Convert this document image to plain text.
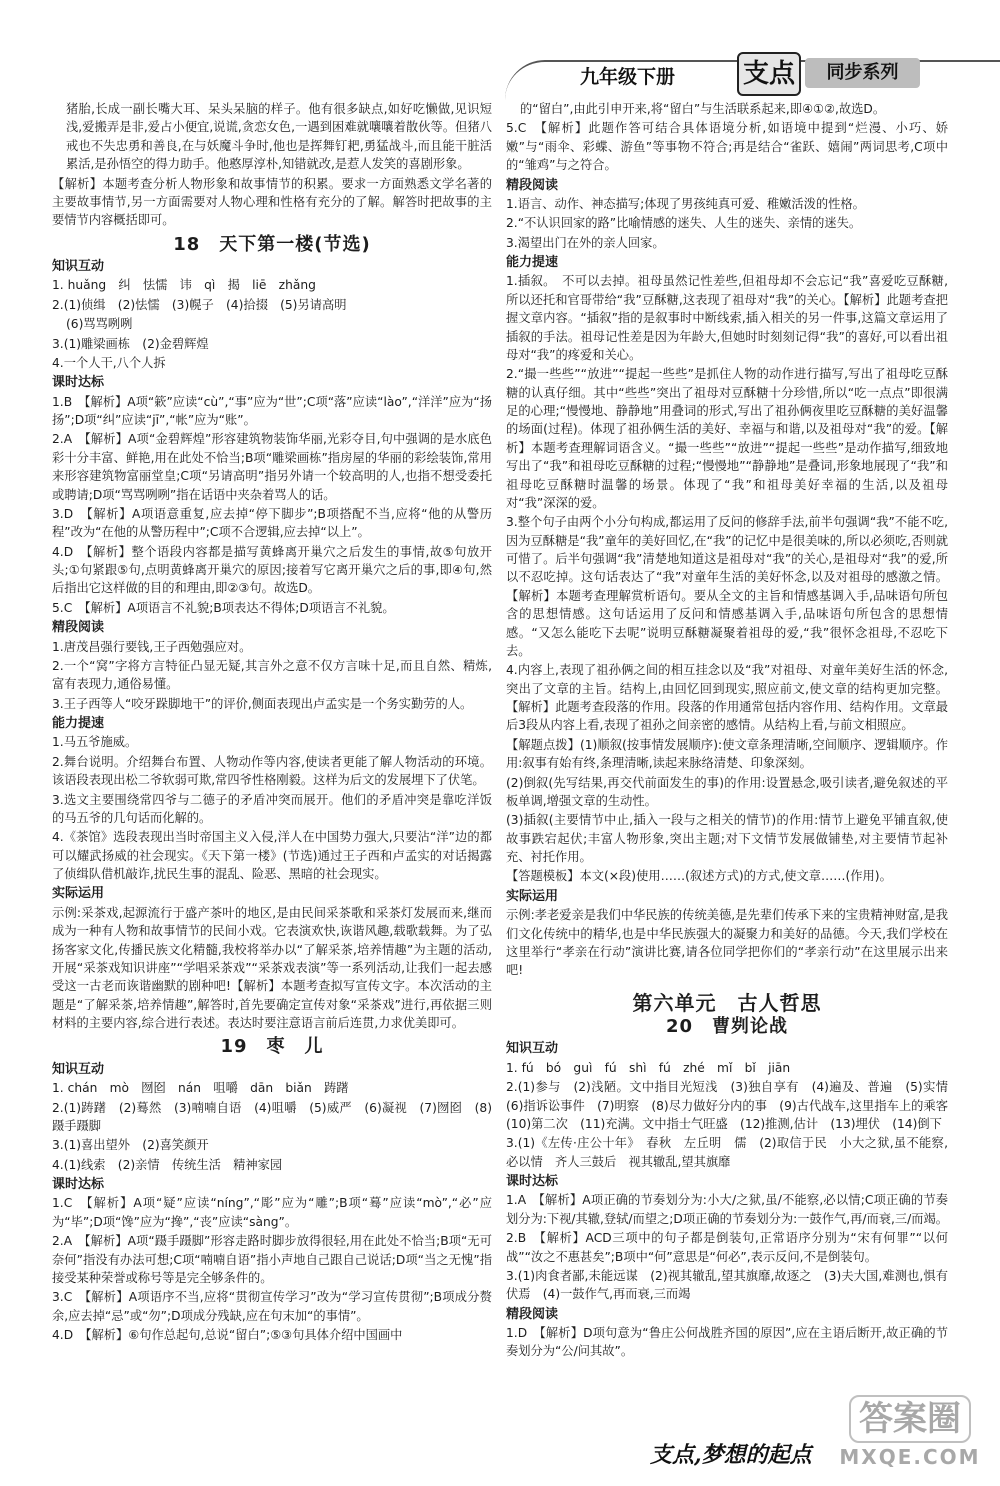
九年级下册	支点	同步系列

猪胎,长成一副长嘴大耳、呆头呆脑的样子。他有很多缺点,如好吃懒做,见识短浅,爱搬弄是非,爱占小便宜,说谎,贪恋女色,一遇到困难就嚷嚷着散伙等。但猪八戒也不失忠勇和善良,在与妖魔斗争时,他也是挥舞钉耙,勇猛战斗,而且能干脏活累活,是孙悟空的得力助手。他憨厚淳朴,知错就改,是惹人发笑的喜剧形象。

【解析】本题考查分析人物形象和故事情节的积累。要求一方面熟悉文学名著的主要故事情节,另一方面需要对人物心理和性格有充分的了解。解答时把故事的主要情节内容概括即可。

18　天下第一楼(节选)
知识互动

1. huǎng　纠　怯懦　讳　qì　揭　liē　zhǎng

2.(1)侦缉　(2)怯懦　(3)幌子　(4)拾掇　(5)另请高明

(6)骂骂咧咧

3.(1)雕梁画栋　(2)金碧辉煌

4.一个人干,八个人拆

课时达标

1.B　【解析】A项“簌”应读“cù”,“事”应为“世”;C项“落”应读“lào”,“洋洋”应为“扬扬”;D项“纠”应读“jī”,“帐”应为“账”。

2.A　【解析】A项“金碧辉煌”形容建筑物装饰华丽,光彩夺目,句中强调的是水底色彩十分丰富、鲜艳,用在此处不恰当;B项“雕梁画栋”指房屋的华丽的彩绘装饰,常用来形容建筑物富丽堂皇;C项“另请高明”指另外请一个较高明的人,也指不想受委托或聘请;D项“骂骂咧咧”指在话语中夹杂着骂人的话。

3.D　【解析】A项语意重复,应去掉“停下脚步”;B项搭配不当,应将“他的从警历程”改为“在他的从警历程中”;C项不合逻辑,应去掉“以上”。

4.D　【解析】整个语段内容都是描写黄蜂离开巢穴之后发生的事情,故⑤句放开头;①句紧跟⑤句,点明黄蜂离开巢穴的原因;接着写它离开巢穴之后的事,即④句,然后指出它这样做的目的和理由,即②③句。故选D。

5.C　【解析】A项语言不礼貌;B项表达不得体;D项语言不礼貌。

精段阅读

1.唐茂昌强行要钱,王子西勉强应对。

2.一个“窝”字将方言特征凸显无疑,其言外之意不仅方言味十足,而且自然、精炼,富有表现力,通俗易懂。

3.王子西等人“咬牙跺脚地干”的评价,侧面表现出卢孟实是一个务实勤劳的人。

能力提速

1.马五爷施威。

2.舞台说明。介绍舞台布置、人物动作等内容,使读者更能了解人物活动的环境。该语段表现出松二爷软弱可欺,常四爷性格刚毅。这样为后文的发展埋下了伏笔。

3.选文主要围绕常四爷与二德子的矛盾冲突而展开。他们的矛盾冲突是靠吃洋饭的马五爷的几句话而化解的。

4.《茶馆》选段表现出当时帝国主义入侵,洋人在中国势力强大,只要沾“洋”边的都可以耀武扬威的社会现实。《天下第一楼》(节选)通过王子西和卢孟实的对话揭露了侦缉队借机敲诈,扰民生事的混乱、险恶、黑暗的社会现实。

实际运用

示例:采茶戏,起源流行于盛产茶叶的地区,是由民间采茶歌和采茶灯发展而来,继而成为一种有人物和故事情节的民间小戏。它表演欢快,诙谐风趣,载歌载舞。为了弘扬客家文化,传播民族文化精髓,我校将举办以“了解采茶,培养情趣”为主题的活动,开展“采茶戏知识讲座”“学唱采茶戏”“采茶戏表演”等一系列活动,让我们一起去感受这一古老而诙谐幽默的剧种吧!【解析】本题考查拟写宣传文字。本次活动的主题是“了解采茶,培养情趣”,解答时,首先要确定宣传对象“采茶戏”进行,再依据三则材料的主要内容,综合进行表述。表达时要注意语言前后连贯,力求优美即可。

19　枣　儿
知识互动

1. chán　mò　囫囵　nán　咀嚼　dān　biǎn　踌躇

2.(1)踌躇　(2)蓦然　(3)喃喃自语　(4)咀嚼　(5)威严　(6)凝视　(7)囫囵　(8)蹑手蹑脚

3.(1)喜出望外　(2)喜笑颜开

4.(1)线索　(2)亲情　传统生活　精神家园

课时达标

1.C　【解析】A项“疑”应读“níng”,“彫”应为“雕”;B项“蓦”应读“mò”,“必”应为“毕”;D项“馋”应为“搀”,“丧”应读“sàng”。

2.A　【解析】A项“蹑手蹑脚”形容走路时脚步放得很轻,用在此处不恰当;B项“无可奈何”指没有办法可想;C项“喃喃自语”指小声地自己跟自己说话;D项“当之无愧”指接受某种荣誉或称号等是完全够条件的。

3.C　【解析】A项语序不当,应将“贯彻宣传学习”改为“学习宣传贯彻”;B项成分赘余,应去掉“忌”或“勿”;D项成分残缺,应在句末加“的事情”。

4.D　【解析】⑥句作总起句,总说“留白”;⑤③句具体介绍中国画中

的“留白”,由此引申开来,将“留白”与生活联系起来,即④①②,故选D。

5.C　【解析】此题作答可结合具体语境分析,如语境中提到“烂漫、小巧、娇嫩”与“雨伞、彩蝶、游鱼”等事物不符合;再是结合“雀跃、嬉闹”两词思考,C项中的“雏鸡”与之符合。

精段阅读

1.语言、动作、神态描写;体现了男孩纯真可爱、稚嫩活泼的性格。

2.“不认识回家的路”比喻情感的迷失、人生的迷失、亲情的迷失。

3.渴望出门在外的亲人回家。

能力提速

1.插叙。　不可以去掉。祖母虽然记性差些,但祖母却不会忘记“我”喜爱吃豆酥糖,所以还托和官哥带给“我”豆酥糖,这表现了祖母对“我”的关心。【解析】此题考查把握文章内容。“插叙”指的是叙事时中断线索,插入相关的另一件事,这篇文章运用了插叙的手法。祖母记性差是因为年龄大,但她时时刻刻记得“我”的喜好,可以看出祖母对“我”的疼爱和关心。

2.“撮一些些”“放进”“提起一些些”是抓住人物的动作进行描写,写出了祖母吃豆酥糖的认真仔细。其中“些些”突出了祖母对豆酥糖十分珍惜,所以“吃一点点”即很满足的心理;“慢慢地、静静地”用叠词的形式,写出了祖孙俩夜里吃豆酥糖的美好温馨的场面(过程)。体现了祖孙俩生活的美好、幸福与和谐,以及祖母对“我”的爱。【解析】本题考查理解词语含义。“撮一些些”“放进”“提起一些些”是动作描写,细致地写出了“我”和祖母吃豆酥糖的过程;“慢慢地”“静静地”是叠词,形象地展现了“我”和祖母吃豆酥糖时温馨的场景。体现了“我”和祖母美好幸福的生活,以及祖母对“我”深深的爱。

3.整个句子由两个小分句构成,都运用了反问的修辞手法,前半句强调“我”不能不吃,因为豆酥糖是“我”童年的美好回忆,在“我”的记忆中是很美味的,所以必须吃,否则就可惜了。后半句强调“我”清楚地知道这是祖母对“我”的关心,是祖母对“我”的爱,所以不忍吃掉。这句话表达了“我”对童年生活的美好怀念,以及对祖母的感激之情。【解析】本题考查理解赏析语句。要从全文的主旨和情感基调入手,品味语句所包含的思想情感。这句话运用了反问和情感基调入手,品味语句所包含的思想情感。“又怎么能吃下去呢”说明豆酥糖凝聚着祖母的爱,“我”很怀念祖母,不忍吃下去。

4.内容上,表现了祖孙俩之间的相互挂念以及“我”对祖母、对童年美好生活的怀念,突出了文章的主旨。结构上,由回忆回到现实,照应前文,使文章的结构更加完整。【解析】此题考查段落的作用。段落的作用通常包括内容作用、结构作用。文章最后3段从内容上看,表现了祖孙之间亲密的感情。从结构上看,与前文相照应。

【解题点拨】(1)顺叙(按事情发展顺序):使文章条理清晰,空间顺序、逻辑顺序。作用:叙事有始有终,条理清晰,读起来脉络清楚、印象深刻。

(2)倒叙(先写结果,再交代前面发生的事)的作用:设置悬念,吸引读者,避免叙述的平板单调,增强文章的生动性。

(3)插叙(主要情节中止,插入一段与之相关的情节)的作用:情节上避免平铺直叙,使故事跌宕起伏;丰富人物形象,突出主题;对下文情节发展做铺垫,对主要情节起补充、衬托作用。

【答题模板】本文(×段)使用……(叙述方式)的方式,使文章……(作用)。

实际运用

示例:孝老爱亲是我们中华民族的传统美德,是先辈们传承下来的宝贵精神财富,是我们文化传统中的精华,也是中华民族强大的凝聚力和美好的品德。今天,我们学校在这里举行“孝亲在行动”演讲比赛,请各位同学把你们的“孝亲行动”在这里展示出来吧!

第六单元　古人哲思
20　曹刿论战
知识互动

1. fú　bó　guì　fú　shì　fú　zhé　mǐ　bǐ　jiān

2.(1)参与　(2)浅陋。文中指目光短浅　(3)独自享有　(4)遍及、普遍　(5)实情　(6)指诉讼事件　(7)明察　(8)尽力做好分内的事　(9)古代战车,这里指车上的乘客　(10)第二次　(11)充满。文中指士气旺盛　(12)推测,估计　(13)埋伏　(14)倒下

3.(1)《左传·庄公十年》　春秋　左丘明　儒　(2)取信于民　小大之狱,虽不能察,必以情　齐人三鼓后　视其辙乱,望其旗靡

课时达标

1.A　【解析】A项正确的节奏划分为:小大/之狱,虽/不能察,必以情;C项正确的节奏划分为:下视/其辙,登轼/而望之;D项正确的节奏划分为:一鼓作气,再/而衰,三/而竭。

2.B　【解析】ACD三项中的句子都是倒装句,正常语序分别为“宋有何罪”“以何战”“汝之不惠甚矣”;B项中“何”意思是“何必”,表示反问,不是倒装句。

3.(1)肉食者鄙,未能远谋　(2)视其辙乱,望其旗靡,故逐之　(3)夫大国,难测也,惧有伏焉　(4)一鼓作气,再而衰,三而竭

精段阅读

1.D　【解析】D项句意为“鲁庄公何战胜齐国的原因”,应在主语后断开,故正确的节奏划分为“公/问其故”。

支点,梦想的起点
答案圈
MXQE.COM
